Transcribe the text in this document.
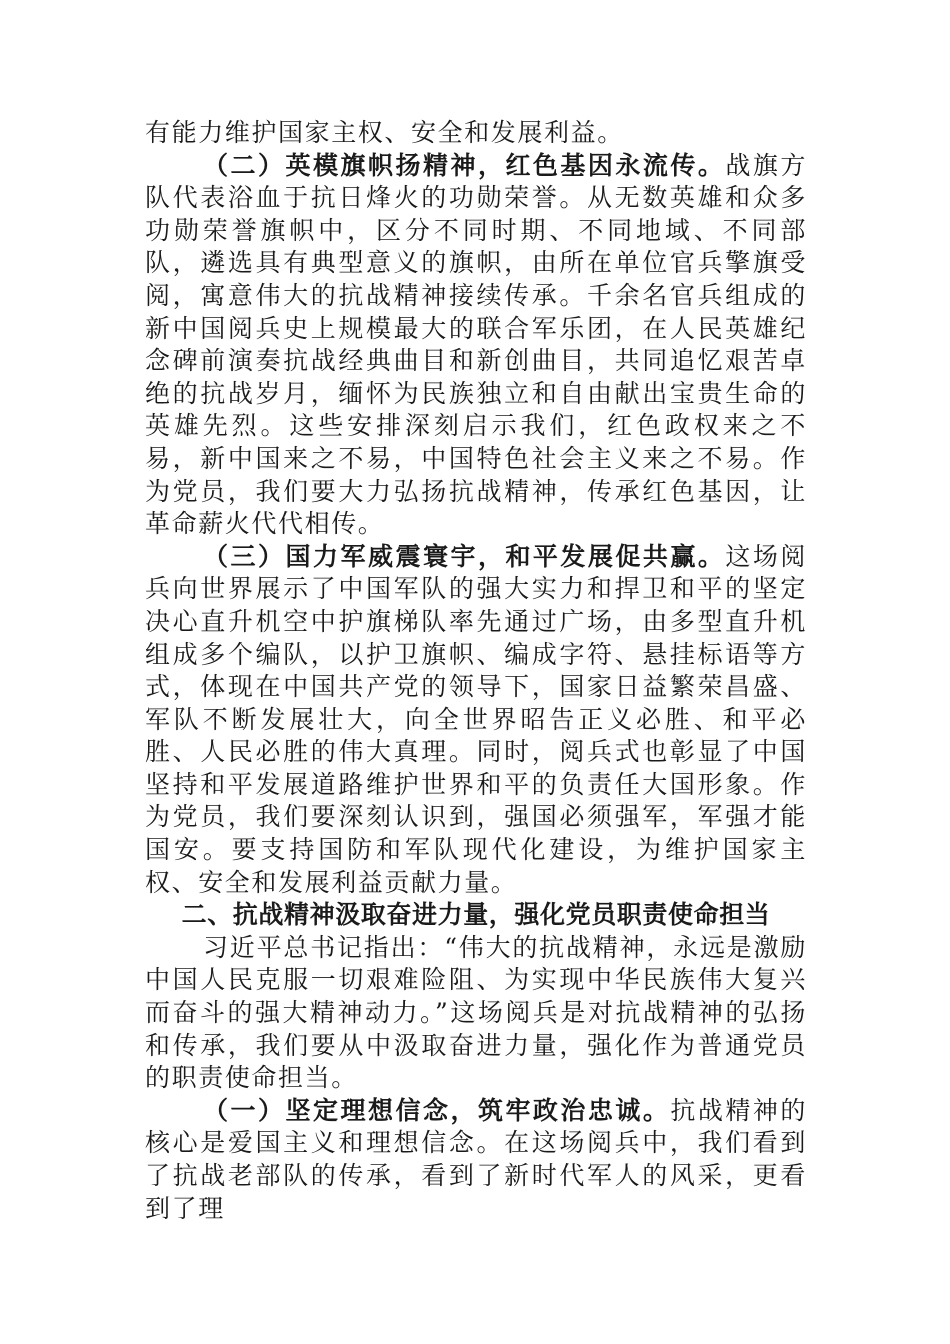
有能力维护国家主权、安全和发展利益。

（二）英模旗帜扬精神，红色基因永流传。战旗方队代表浴血于抗日烽火的功勋荣誉。从无数英雄和众多功勋荣誉旗帜中，区分不同时期、不同地域、不同部队，遴选具有典型意义的旗帜，由所在单位官兵擎旗受阅，寓意伟大的抗战精神接续传承。千余名官兵组成的新中国阅兵史上规模最大的联合军乐团，在人民英雄纪念碑前演奏抗战经典曲目和新创曲目，共同追忆艰苦卓绝的抗战岁月，缅怀为民族独立和自由献出宝贵生命的英雄先烈。这些安排深刻启示我们，红色政权来之不易，新中国来之不易，中国特色社会主义来之不易。作为党员，我们要大力弘扬抗战精神，传承红色基因，让革命薪火代代相传。

（三）国力军威震寰宇，和平发展促共赢。这场阅兵向世界展示了中国军队的强大实力和捍卫和平的坚定决心直升机空中护旗梯队率先通过广场，由多型直升机组成多个编队，以护卫旗帜、编成字符、悬挂标语等方式，体现在中国共产党的领导下，国家日益繁荣昌盛、军队不断发展壮大，向全世界昭告正义必胜、和平必胜、人民必胜的伟大真理。同时，阅兵式也彰显了中国坚持和平发展道路维护世界和平的负责任大国形象。作为党员，我们要深刻认识到，强国必须强军，军强才能国安。要支持国防和军队现代化建设，为维护国家主权、安全和发展利益贡献力量。

二、抗战精神汲取奋进力量，强化党员职责使命担当

习近平总书记指出：“伟大的抗战精神，永远是激励中国人民克服一切艰难险阻、为实现中华民族伟大复兴而奋斗的强大精神动力。”这场阅兵是对抗战精神的弘扬和传承，我们要从中汲取奋进力量，强化作为普通党员的职责使命担当。

（一）坚定理想信念，筑牢政治忠诚。抗战精神的核心是爱国主义和理想信念。在这场阅兵中，我们看到了抗战老部队的传承，看到了新时代军人的风采，更看到了理
